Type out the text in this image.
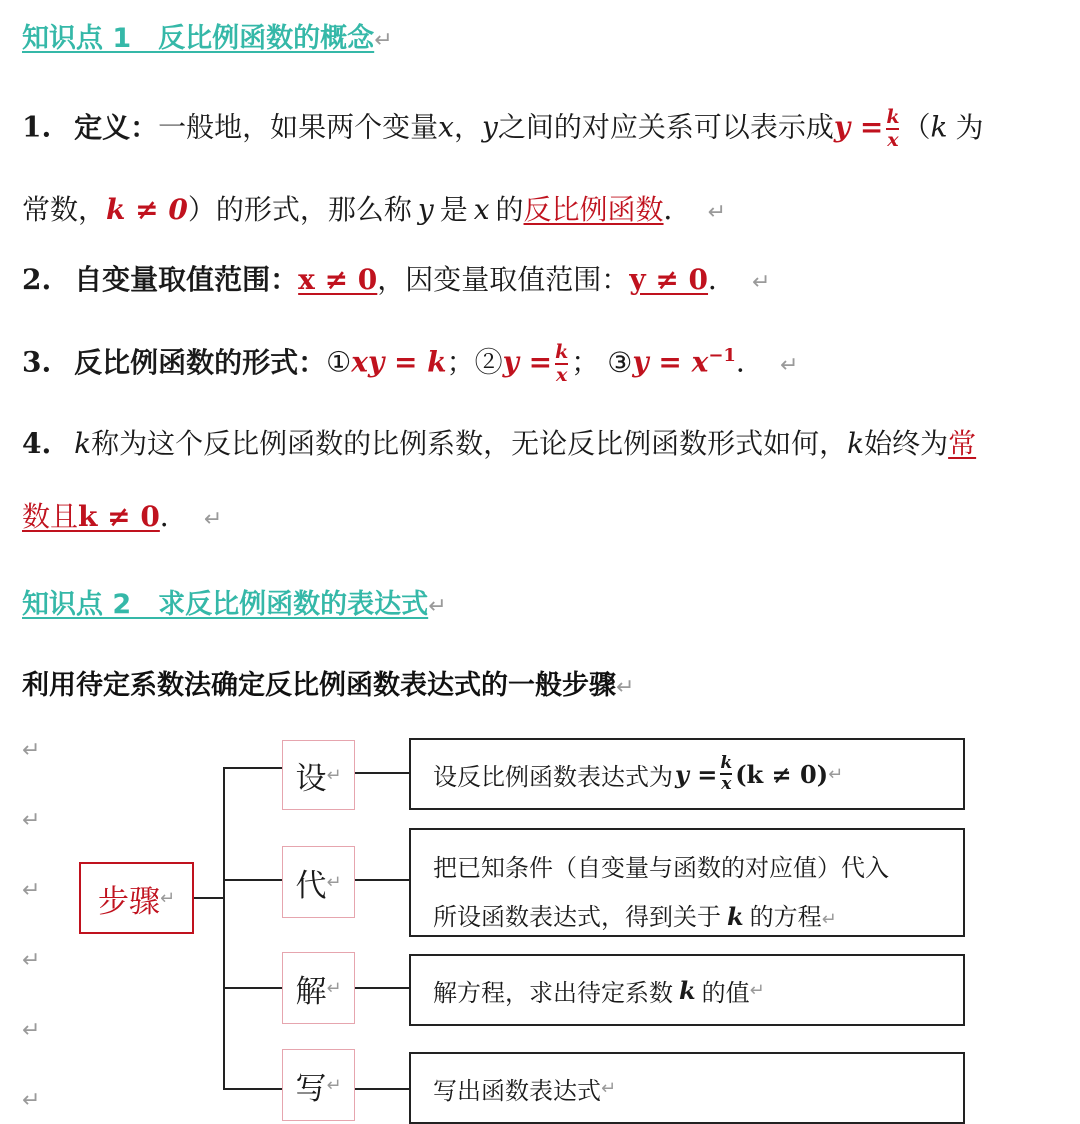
知识点 1　反比例函数的概念↵
1. 定义：一般地，如果两个变量x，y之间的对应关系可以表示成$y = \frac{k}{x} (k$ 为
常数，k ≠ 0）的形式，那么称 y 是 x 的反比例函数． ↵
2. 自变量取值范围：x ≠ 0，因变量取值范围：y ≠ 0． ↵
3. 反比例函数的形式：①xy = k；②y = $\frac{k}{x}$ ； ③y = $x^{-1}$． ↵
4. k称为这个反比例函数的比例系数，无论反比例函数形式如何，k始终为常
数且k ≠ 0． ↵
知识点 2　求反比例函数的表达式↵
利用待定系数法确定反比例函数表达式的一般步骤↵
↵
↵
↵
↵
↵
↵
步骤 ↵
设 ↵	设反比例函数表达式为 $y = \frac{k}{x} (k \ne 0)$ ↵
代 ↵	把已知条件（自变量与函数的对应值）代入
所设函数表达式，得到关于 k 的方程↵
解 ↵	解方程，求出待定系数 k 的值 ↵
写 ↵	写出函数表达式 ↵
